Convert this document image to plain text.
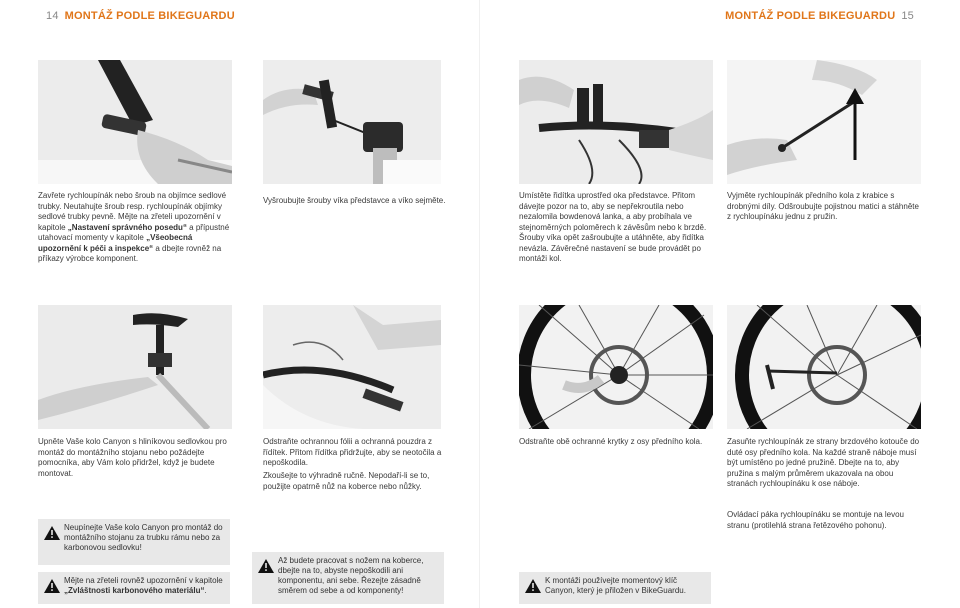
14 MONTÁŽ PODLE BIKEGUARDU	MONTÁŽ PODLE BIKEGUARDU 15
Zavřete rychloupínák nebo šroub na objímce sedlové trubky. Neutahujte šroub resp. rychloupínák objímky sedlové trubky pevně. Mějte na zřeteli upozornění v kapitole „Nastavení správného posedu“ a přípustné utahovací momenty v kapitole „Všeobecná upozornění k péči a inspekce“ a dbejte rovněž na příkazy výrobce komponent.
Vyšroubujte šrouby víka představce a víko sejměte.
Umístěte řidítka uprostřed oka představce. Přitom dávejte pozor na to, aby se nepřekroutila nebo nezalomila bowdenová lanka, a aby probíhala ve stejnoměrných poloměrech k závěsům nebo k brzdě. Šrouby víka opět zašroubujte a utáhněte, aby řidítka nevázla. Závěrečné nastavení se bude provádět po montáži kol.
Vyjměte rychloupínák předního kola z krabice s drobnými díly. Odšroubujte pojistnou matici a stáhněte z rychloupínáku jednu z pružin.
Upněte Vaše kolo Canyon s hliníkovou sedlovkou pro montáž do montážního stojanu nebo požádejte pomocníka, aby Vám kolo přidržel, když je budete montovat.
Odstraňte ochrannou fólii a ochranná pouzdra z řídítek. Přitom řídítka přidržujte, aby se neotočila a nepoškodila.
Zkoušejte to výhradně ručně. Nepodaří-li se to, použijte opatrně nůž na koberce nebo nůžky.
Odstraňte obě ochranné krytky z osy předního kola.	Zasuňte rychloupínák ze strany brzdového kotouče do duté osy předního kola. Na každé straně náboje musí být umístěno po jedné pružině. Dbejte na to, aby pružina s malým průměrem ukazovala na obou stranách rychloupínáku k ose náboje.
Ovládací páka rychloupínáku se montuje na levou stranu (protilehlá strana řetězového pohonu).
Neupínejte Vaše kolo Canyon pro montáž do montážního stojanu za trubku rámu nebo za karbonovou sedlovku!
Mějte na zřeteli rovněž upozornění v kapitole „Zvláštnosti karbonového materiálu“.
Až budete pracovat s nožem na koberce, dbejte na to, abyste nepoškodili ani komponentu, ani sebe. Řezejte zásadně směrem od sebe a od komponenty!
K montáži používejte momentový klíč Canyon, který je přiložen v BikeGuardu.
